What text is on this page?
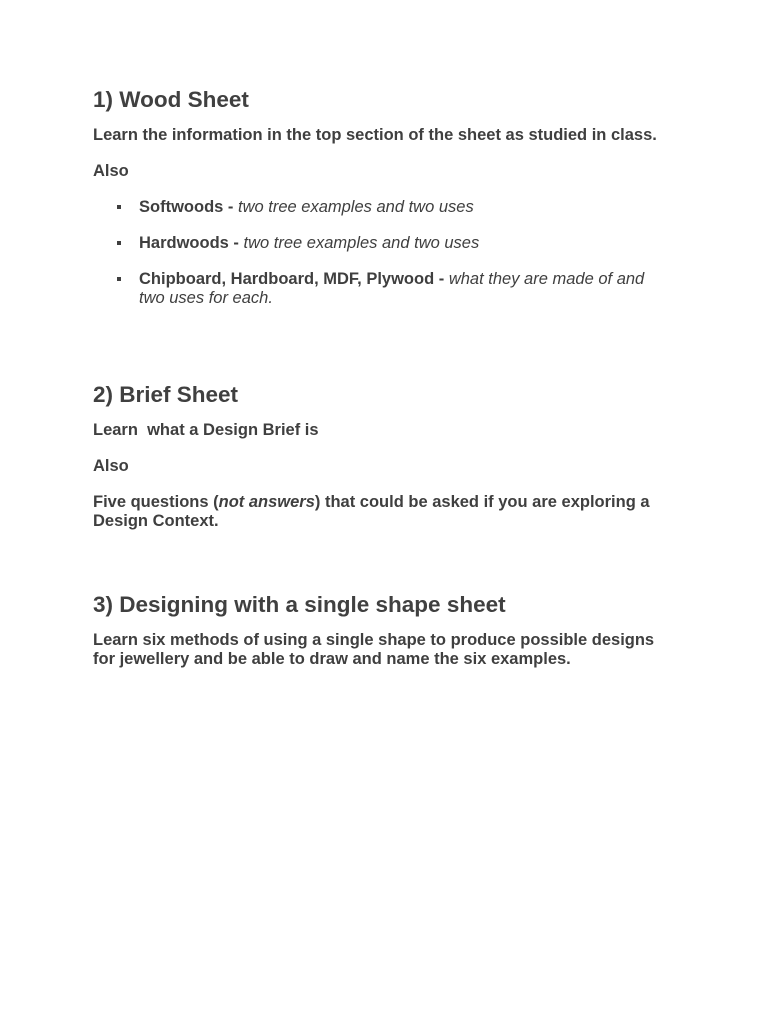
1) Wood Sheet

Learn the information in the top section of the sheet as studied in class.

Also

Softwoods - two tree examples and two uses
Hardwoods - two tree examples and two uses
Chipboard, Hardboard, MDF, Plywood - what they are made of and two uses for each.
2) Brief Sheet

Learn  what a Design Brief is

Also

Five questions (not answers) that could be asked if you are exploring a Design Context.

3) Designing with a single shape sheet

Learn six methods of using a single shape to produce possible designs for jewellery and be able to draw and name the six examples.
